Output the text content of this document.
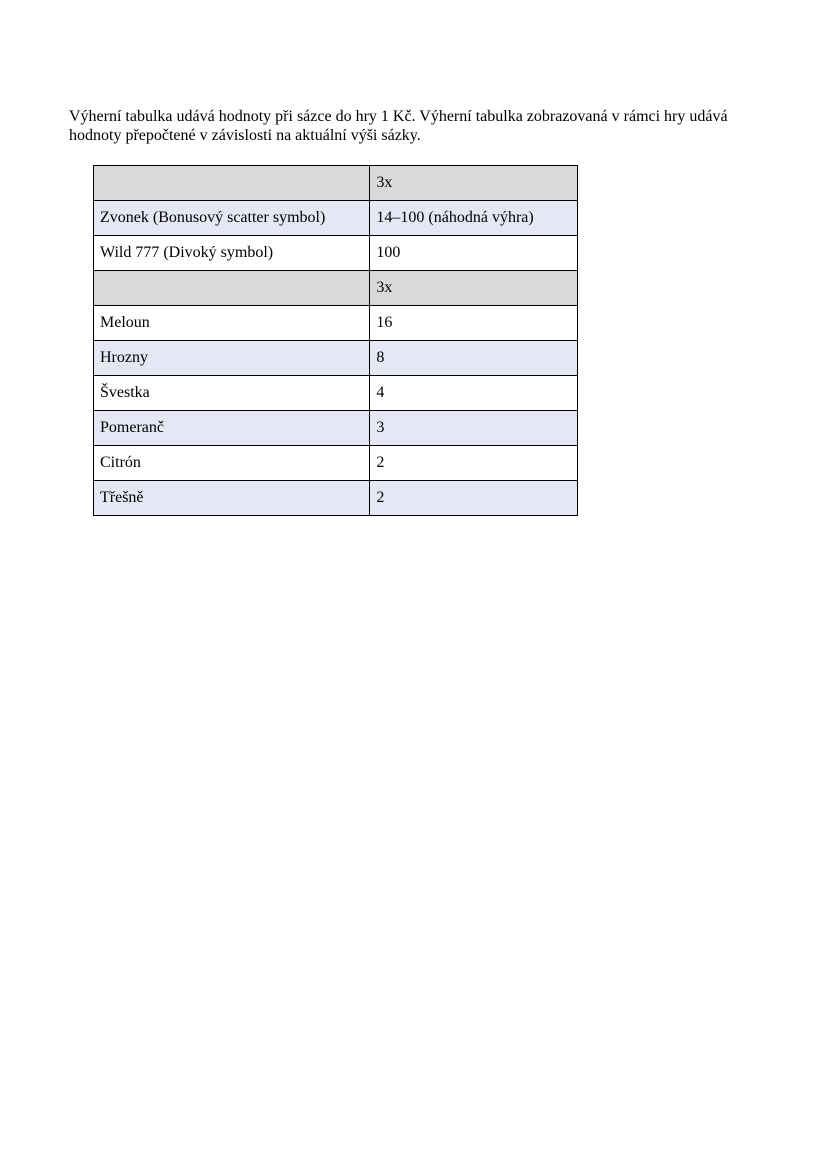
Výherní tabulka udává hodnoty při sázce do hry 1 Kč. Výherní tabulka zobrazovaná v rámci hry udává hodnoty přepočtené v závislosti na aktuální výši sázky.

	3x
Zvonek (Bonusový scatter symbol)	14–100 (náhodná výhra)
Wild 777 (Divoký symbol)	100
	3x
Meloun	16
Hrozny	8
Švestka	4
Pomeranč	3
Citrón	2
Třešně	2
